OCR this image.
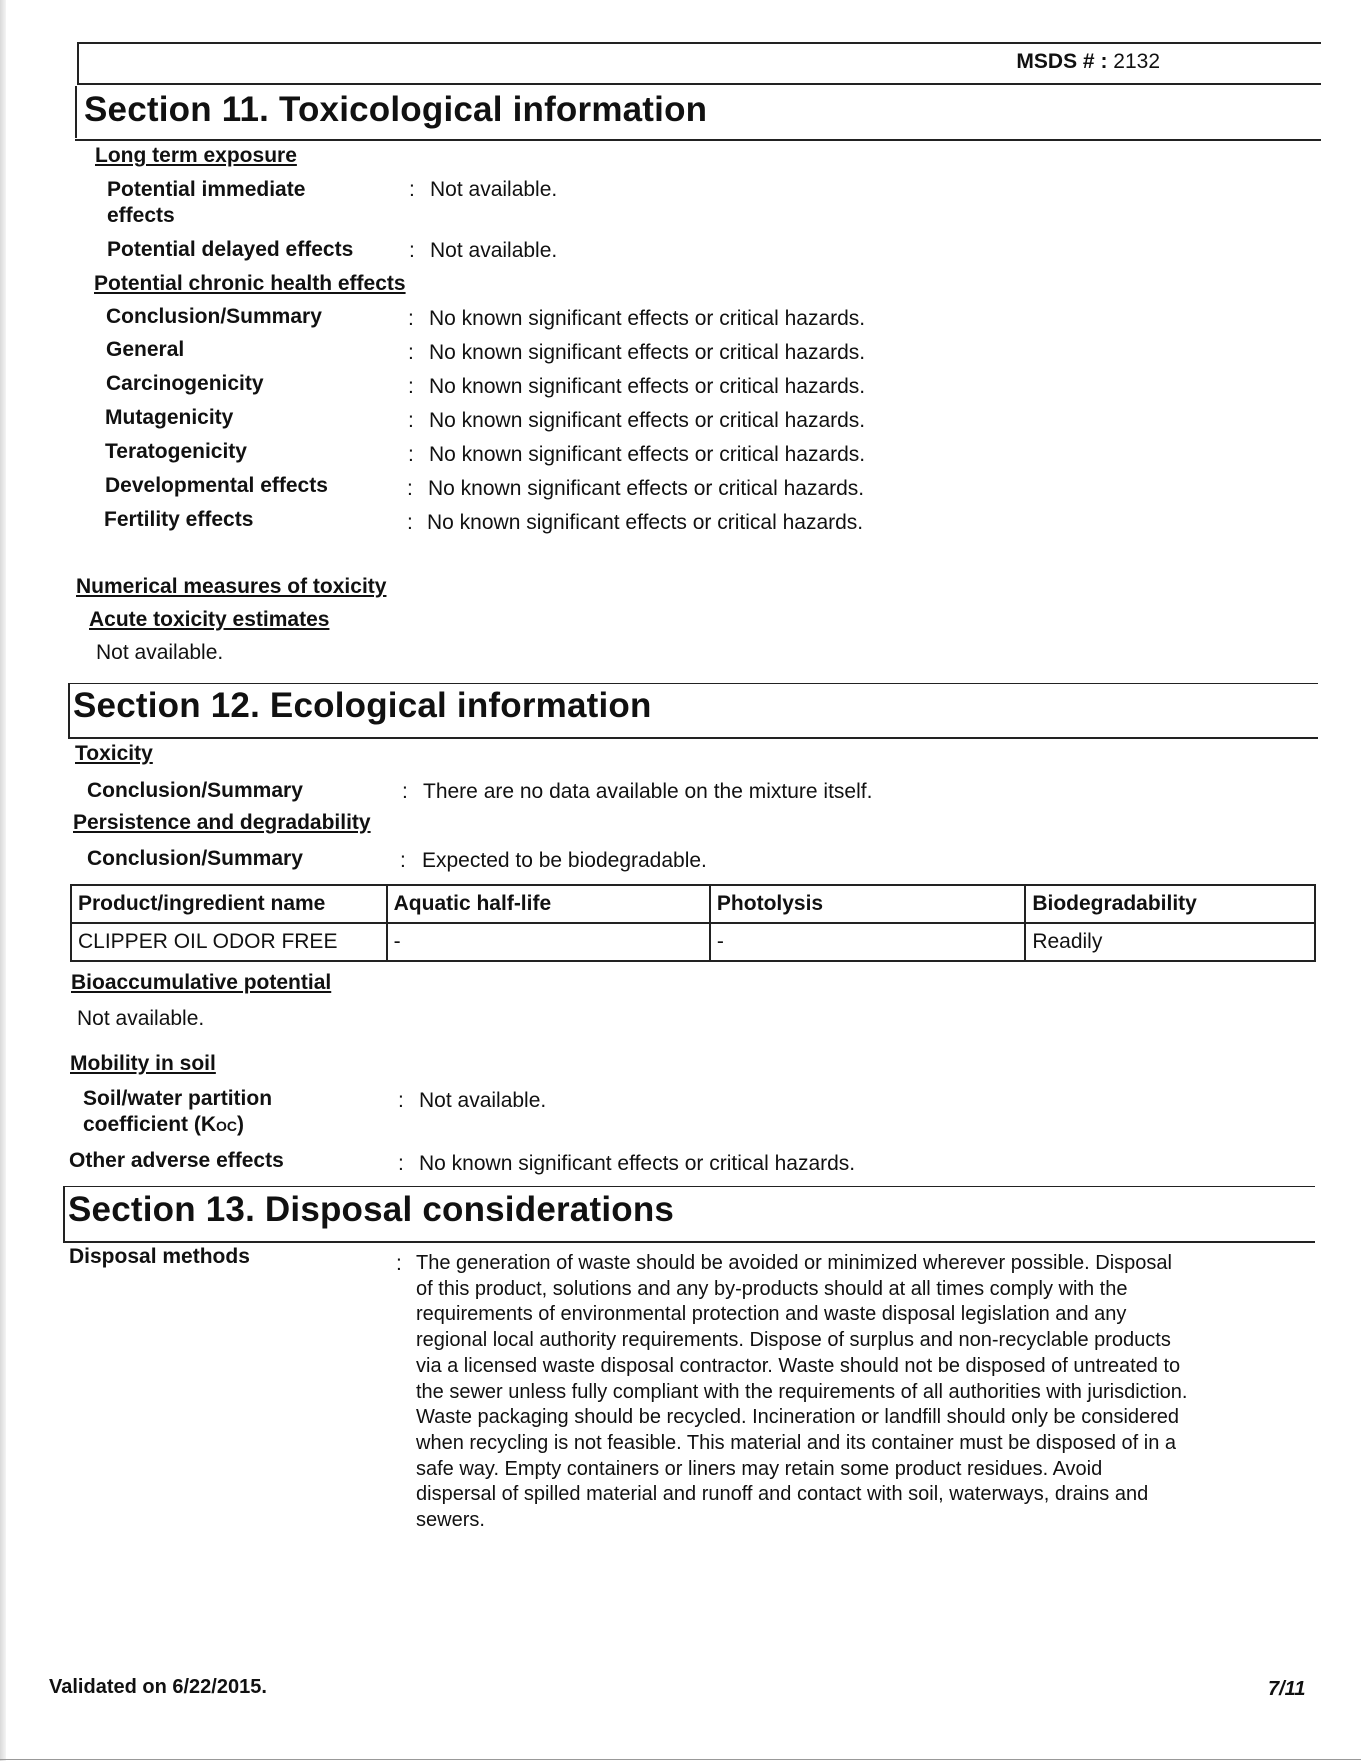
MSDS # : 2132
Section 11. Toxicological information
Long term exposure
Potential immediate effects
: Not available.
Potential delayed effects	: Not available.
Potential chronic health effects
Conclusion/Summary	: No known significant effects or critical hazards.
General	: No known significant effects or critical hazards.
Carcinogenicity	: No known significant effects or critical hazards.
Mutagenicity	: No known significant effects or critical hazards.
Teratogenicity	: No known significant effects or critical hazards.
Developmental effects	: No known significant effects or critical hazards.
Fertility effects	: No known significant effects or critical hazards.
Numerical measures of toxicity
Acute toxicity estimates
Not available.
Section 12. Ecological information
Toxicity
Conclusion/Summary	: There are no data available on the mixture itself.
Persistence and degradability
Conclusion/Summary	: Expected to be biodegradable.
Product/ingredient name	Aquatic half-life	Photolysis	Biodegradability
CLIPPER OIL ODOR FREE	-	-	Readily
Bioaccumulative potential
Not available.
Mobility in soil
Soil/water partition
coefficient (KOC)
: Not available.
Other adverse effects	: No known significant effects or critical hazards.
Section 13. Disposal considerations
Disposal methods	: The generation of waste should be avoided or minimized wherever possible. Disposal
of this product, solutions and any by-products should at all times comply with the
requirements of environmental protection and waste disposal legislation and any
regional local authority requirements. Dispose of surplus and non-recyclable products
via a licensed waste disposal contractor. Waste should not be disposed of untreated to
the sewer unless fully compliant with the requirements of all authorities with jurisdiction.
Waste packaging should be recycled. Incineration or landfill should only be considered
when recycling is not feasible. This material and its container must be disposed of in a
safe way. Empty containers or liners may retain some product residues. Avoid
dispersal of spilled material and runoff and contact with soil, waterways, drains and
sewers.
Validated on 6/22/2015.	7/11
